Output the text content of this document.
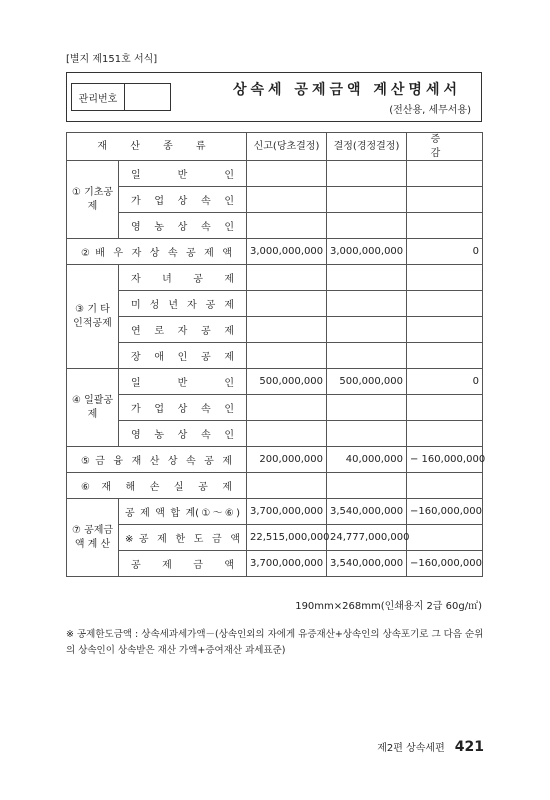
[별지 제151호 서식]
관리번호
상속세 공제금액 계산명세서
(전산용, 세무서용)
재 산 종 류		신고(당초결정)	결정(경정결정)	증 감
① 기초공제	일 반 인			
	가 업 상 속 인			
	영 농 상 속 인			
②배 우 자 상 속 공 제 액		3,000,000,000	3,000,000,000	0
③ 기 타 인적공제	자 녀 공 제			
	미 성 년 자 공 제			
	연 로 자 공 제			
	장 애 인 공 제			
④ 일괄공제	일 반 인	500,000,000	500,000,000	0
	가 업 상 속 인			
	영 농 상 속 인			
⑤금 융 재 산 상 속 공 제		200,000,000	40,000,000	− 160,000,000
⑥재 해 손 실 공 제				
⑦ 공제금액 계 산	공 제 액 합 계(①～⑥)	3,700,000,000	3,540,000,000	−160,000,000
	※공 제 한 도 금 액	22,515,000,000	24,777,000,000	
	공 제 금 액	3,700,000,000	3,540,000,000	−160,000,000
190mm×268mm(인쇄용지 2급 60g/㎡)
※ 공제한도금액 : 상속세과세가액－(상속인외의 자에게 유증재산+상속인의 상속포기로 그 다음 순위의 상속인이 상속받은 재산 가액+증여재산 과세표준)
제2편 상속세편 421
